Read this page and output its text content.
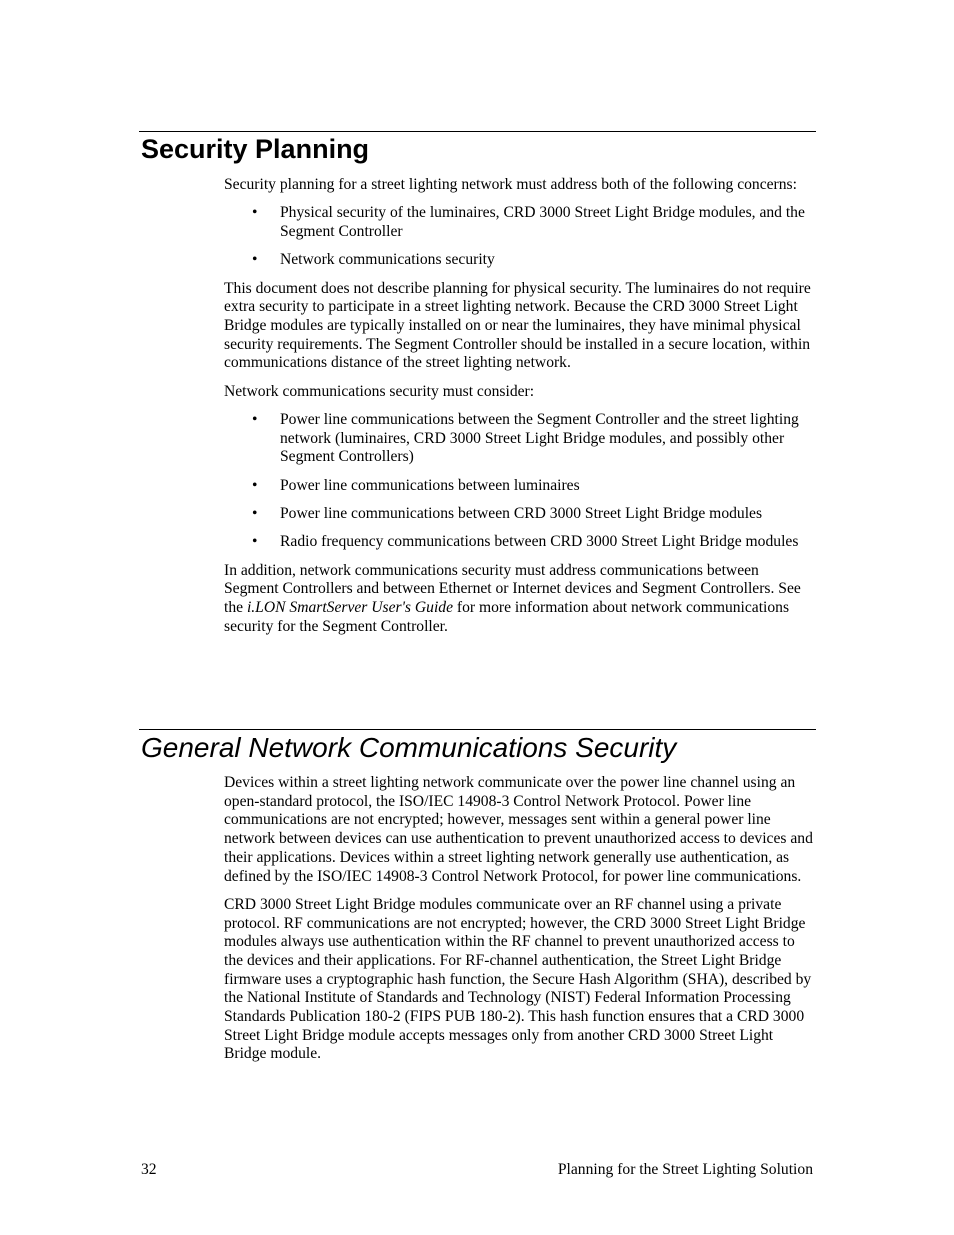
Security Planning

Security planning for a street lighting network must address both of the following concerns:

• Physical security of the luminaires, CRD 3000 Street Light Bridge modules, and the Segment Controller
• Network communications security

This document does not describe planning for physical security. The luminaires do not require extra security to participate in a street lighting network. Because the CRD 3000 Street Light Bridge modules are typically installed on or near the luminaires, they have minimal physical security requirements. The Segment Controller should be installed in a secure location, within communications distance of the street lighting network.

Network communications security must consider:

• Power line communications between the Segment Controller and the street lighting network (luminaires, CRD 3000 Street Light Bridge modules, and possibly other Segment Controllers)
• Power line communications between luminaires
• Power line communications between CRD 3000 Street Light Bridge modules
• Radio frequency communications between CRD 3000 Street Light Bridge modules

In addition, network communications security must address communications between Segment Controllers and between Ethernet or Internet devices and Segment Controllers. See the i.LON SmartServer User's Guide for more information about network communications security for the Segment Controller.

General Network Communications Security

Devices within a street lighting network communicate over the power line channel using an open-standard protocol, the ISO/IEC 14908-3 Control Network Protocol. Power line communications are not encrypted; however, messages sent within a general power line network between devices can use authentication to prevent unauthorized access to devices and their applications. Devices within a street lighting network generally use authentication, as defined by the ISO/IEC 14908-3 Control Network Protocol, for power line communications.

CRD 3000 Street Light Bridge modules communicate over an RF channel using a private protocol. RF communications are not encrypted; however, the CRD 3000 Street Light Bridge modules always use authentication within the RF channel to prevent unauthorized access to the devices and their applications. For RF-channel authentication, the Street Light Bridge firmware uses a cryptographic hash function, the Secure Hash Algorithm (SHA), described by the National Institute of Standards and Technology (NIST) Federal Information Processing Standards Publication 180-2 (FIPS PUB 180-2). This hash function ensures that a CRD 3000 Street Light Bridge module accepts messages only from another CRD 3000 Street Light Bridge module.

32	Planning for the Street Lighting Solution
